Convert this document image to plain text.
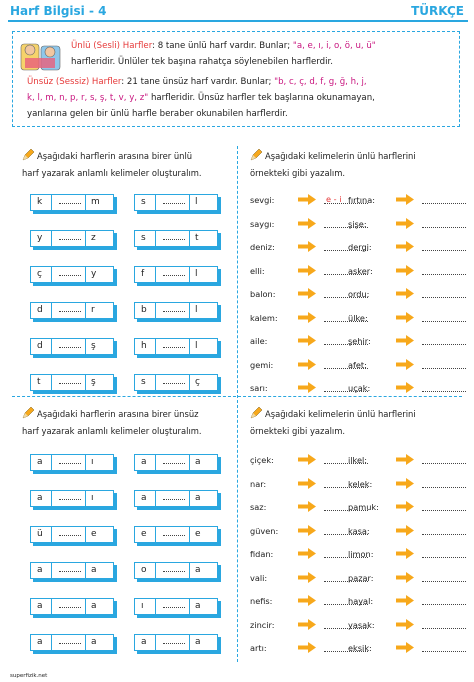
Harf Bilgisi - 4	TÜRKÇE

Ünlü (Sesli) Harfler: 8 tane ünlü harf vardır. Bunlar; "a, e, ı, i, o, ö, u, ü"

harfleridir. Ünlüler tek başına rahatça söylenebilen harflerdir.

Ünsüz (Sessiz) Harfler: 21 tane ünsüz harf vardır. Bunlar; "b, c, ç, d, f, g, ğ, h, j,

k, l, m, n, p, r, s, ş, t, v, y, z" harfleridir. Ünsüz harfler tek başlarına okunamayan,

yanlarına gelen bir ünlü harfle beraber okunabilen harflerdir.

Aşağıdaki harflerin arasına birer ünlü
harf yazarak anlamlı kelimeler oluşturalım.
k	m	s	l
y	z	s	t
ç	y	f	l
d	r	b	l
d	ş	h	l
t	ş	s	ç
Aşağıdaki kelimelerin ünlü harflerini
örnekteki gibi yazalım.
sevgi:	e - i
saygı:
deniz:
elli:
balon:
kalem:
aile:
gemi:
sarı:
fırtına:
şişe:
dergi:
asker:
ordu:
ülke:
şehir:
afet:
uçak:
Aşağıdaki harflerin arasına birer ünsüz
harf yazarak anlamlı kelimeler oluşturalım.
a	ı	a	a
a	ı	a	a
ü	e	e	e
a	a	o	a
a	a	ı	a
a	a	a	a
Aşağıdaki kelimelerin ünlü harflerini
örnekteki gibi yazalım.
çiçek:
nar:
saz:
güven:
fidan:
vali:
nefis:
zincir:
artı:
ilkel:
kelek:
pamuk:
kasa:
limon:
pazar:
hayal:
yasak:
eksik:
superfizik.net
